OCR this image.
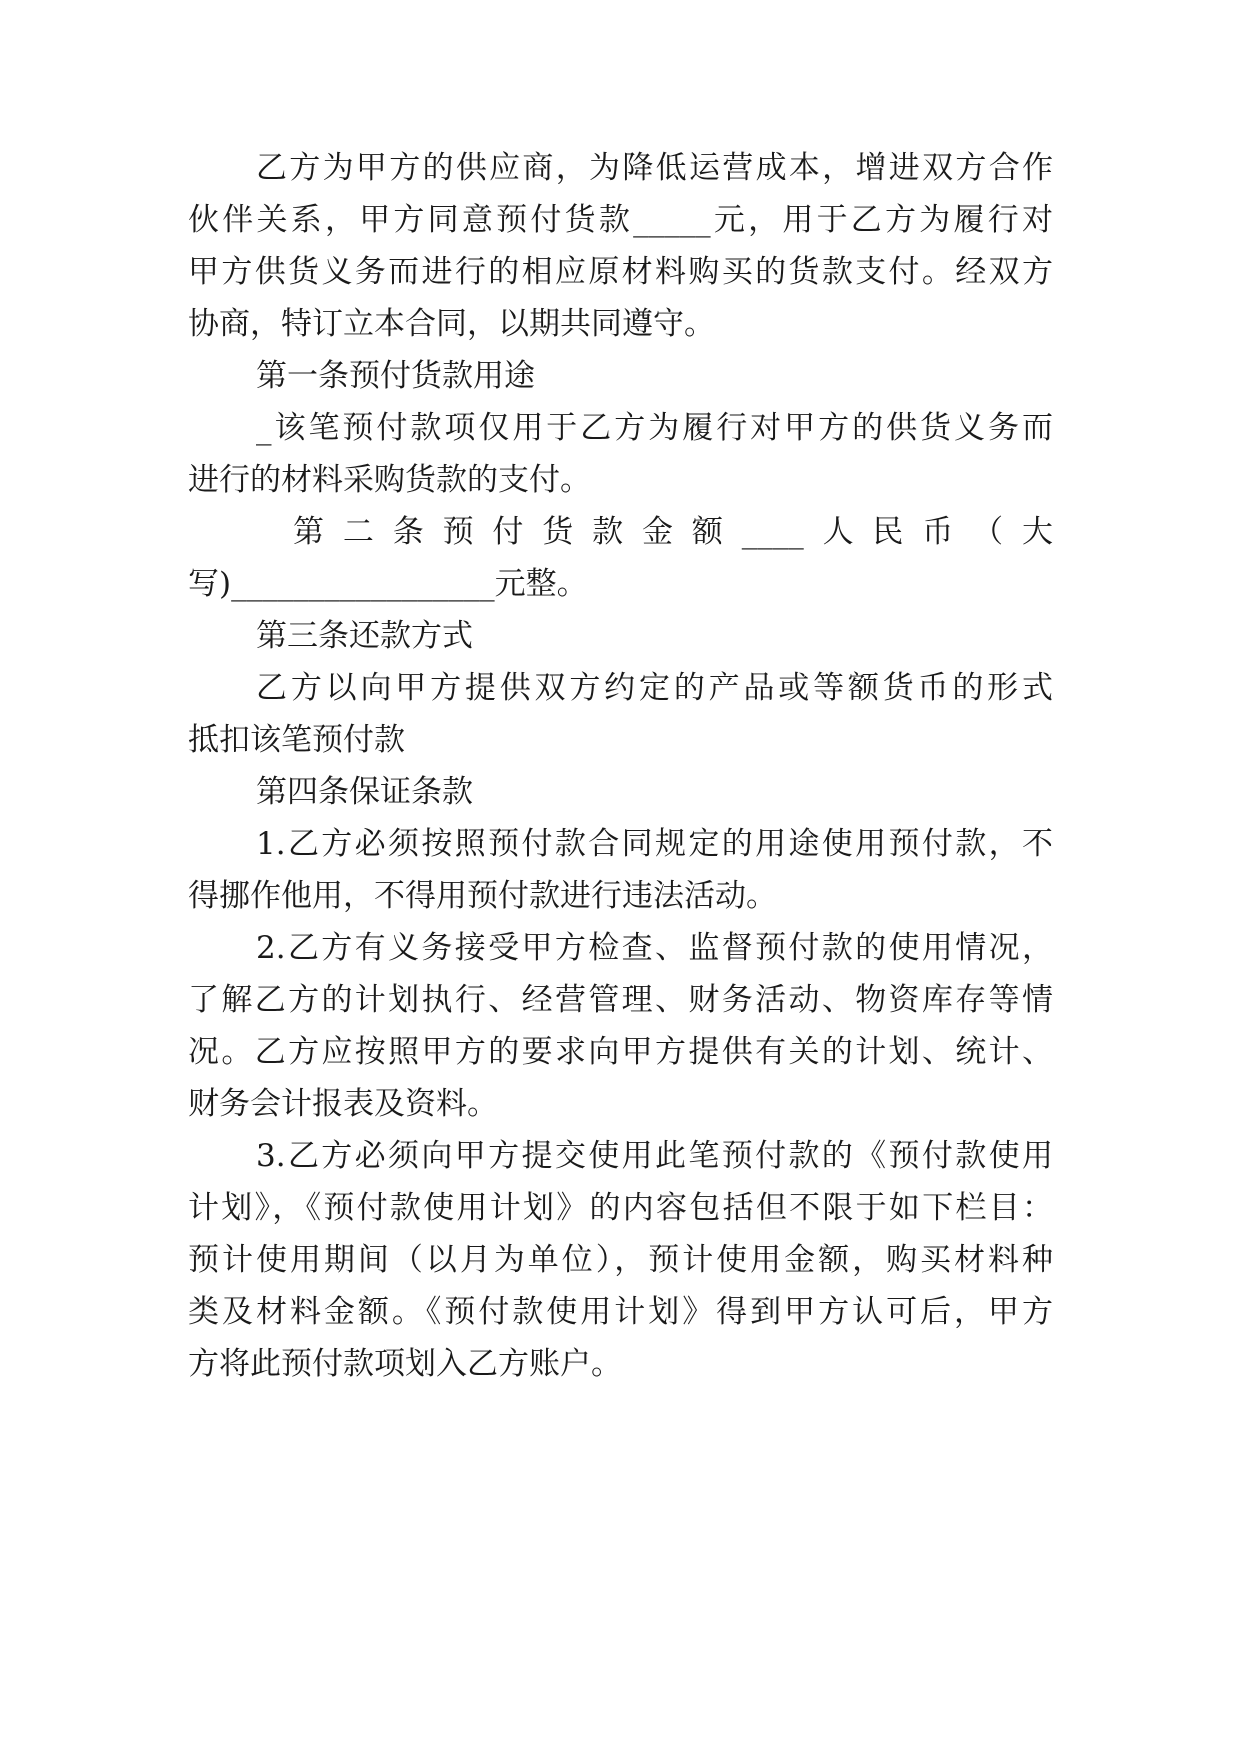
乙方为甲方的供应商，为降低运营成本，增进双方合作
伙伴关系，甲方同意预付货款_____元，用于乙方为履行对
甲方供货义务而进行的相应原材料购买的货款支付。经双方
协商，特订立本合同，以期共同遵守。
第一条预付货款用途
_该笔预付款项仅用于乙方为履行对甲方的供货义务而
进行的材料采购货款的支付。
第二条预付货款金额____人民币（大
写)_________________元整。
第三条还款方式
乙方以向甲方提供双方约定的产品或等额货币的形式
抵扣该笔预付款
第四条保证条款
1.乙方必须按照预付款合同规定的用途使用预付款，不
得挪作他用，不得用预付款进行违法活动。
2.乙方有义务接受甲方检查、监督预付款的使用情况，
了解乙方的计划执行、经营管理、财务活动、物资库存等情
况。乙方应按照甲方的要求向甲方提供有关的计划、统计、
财务会计报表及资料。
3.乙方必须向甲方提交使用此笔预付款的《预付款使用
计划》，《预付款使用计划》的内容包括但不限于如下栏目：
预计使用期间（以月为单位），预计使用金额，购买材料种
类及材料金额。《预付款使用计划》得到甲方认可后，甲方
方将此预付款项划入乙方账户。
